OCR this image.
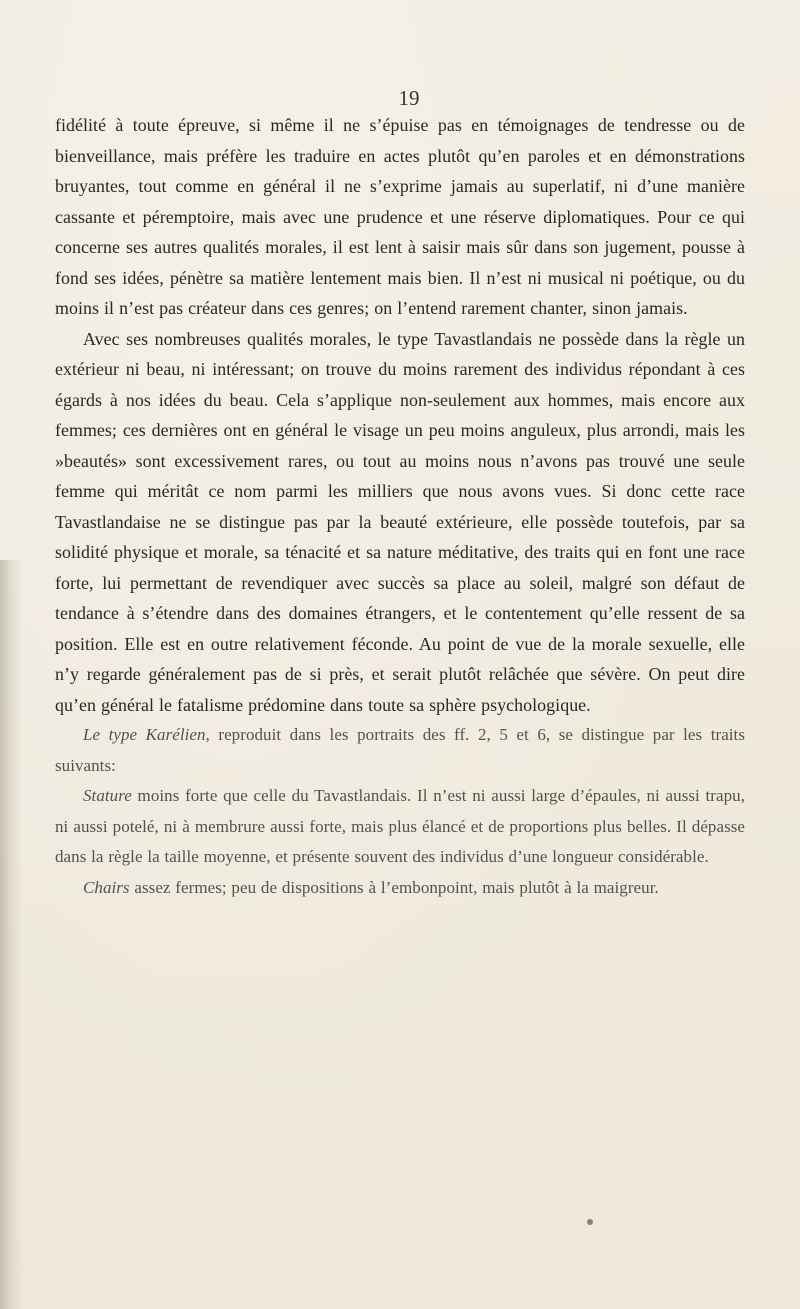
19

fidélité à toute épreuve, si même il ne s’épuise pas en témoignages de tendresse ou de bienveillance, mais préfère les traduire en actes plutôt qu’en paroles et en démonstrations bruyantes, tout comme en général il ne s’exprime jamais au superlatif, ni d’une manière cassante et péremptoire, mais avec une prudence et une réserve diplomatiques. Pour ce qui concerne ses autres qualités morales, il est lent à saisir mais sûr dans son jugement, pousse à fond ses idées, pénètre sa matière lentement mais bien. Il n’est ni musical ni poétique, ou du moins il n’est pas créateur dans ces genres; on l’entend rarement chanter, sinon jamais.

Avec ses nombreuses qualités morales, le type Tavastlandais ne possède dans la règle un extérieur ni beau, ni intéressant; on trouve du moins rarement des individus répondant à ces égards à nos idées du beau. Cela s’applique non-seulement aux hommes, mais encore aux femmes; ces dernières ont en général le visage un peu moins anguleux, plus arrondi, mais les »beautés» sont excessivement rares, ou tout au moins nous n’avons pas trouvé une seule femme qui méritât ce nom parmi les milliers que nous avons vues. Si donc cette race Tavastlandaise ne se distingue pas par la beauté extérieure, elle possède toutefois, par sa solidité physique et morale, sa ténacité et sa nature méditative, des traits qui en font une race forte, lui permettant de revendiquer avec succès sa place au soleil, malgré son défaut de tendance à s’étendre dans des domaines étrangers, et le contentement qu’elle ressent de sa position. Elle est en outre relativement féconde. Au point de vue de la morale sexuelle, elle n’y regarde généralement pas de si près, et serait plutôt relâchée que sévère. On peut dire qu’en général le fatalisme prédomine dans toute sa sphère psychologique.

Le type Karélien, reproduit dans les portraits des ff. 2, 5 et 6, se distingue par les traits suivants:

Stature moins forte que celle du Tavastlandais. Il n’est ni aussi large d’épaules, ni aussi trapu, ni aussi potelé, ni à membrure aussi forte, mais plus élancé et de proportions plus belles. Il dépasse dans la règle la taille moyenne, et présente souvent des individus d’une longueur considérable.

Chairs assez fermes; peu de dispositions à l’embonpoint, mais plutôt à la maigreur.
